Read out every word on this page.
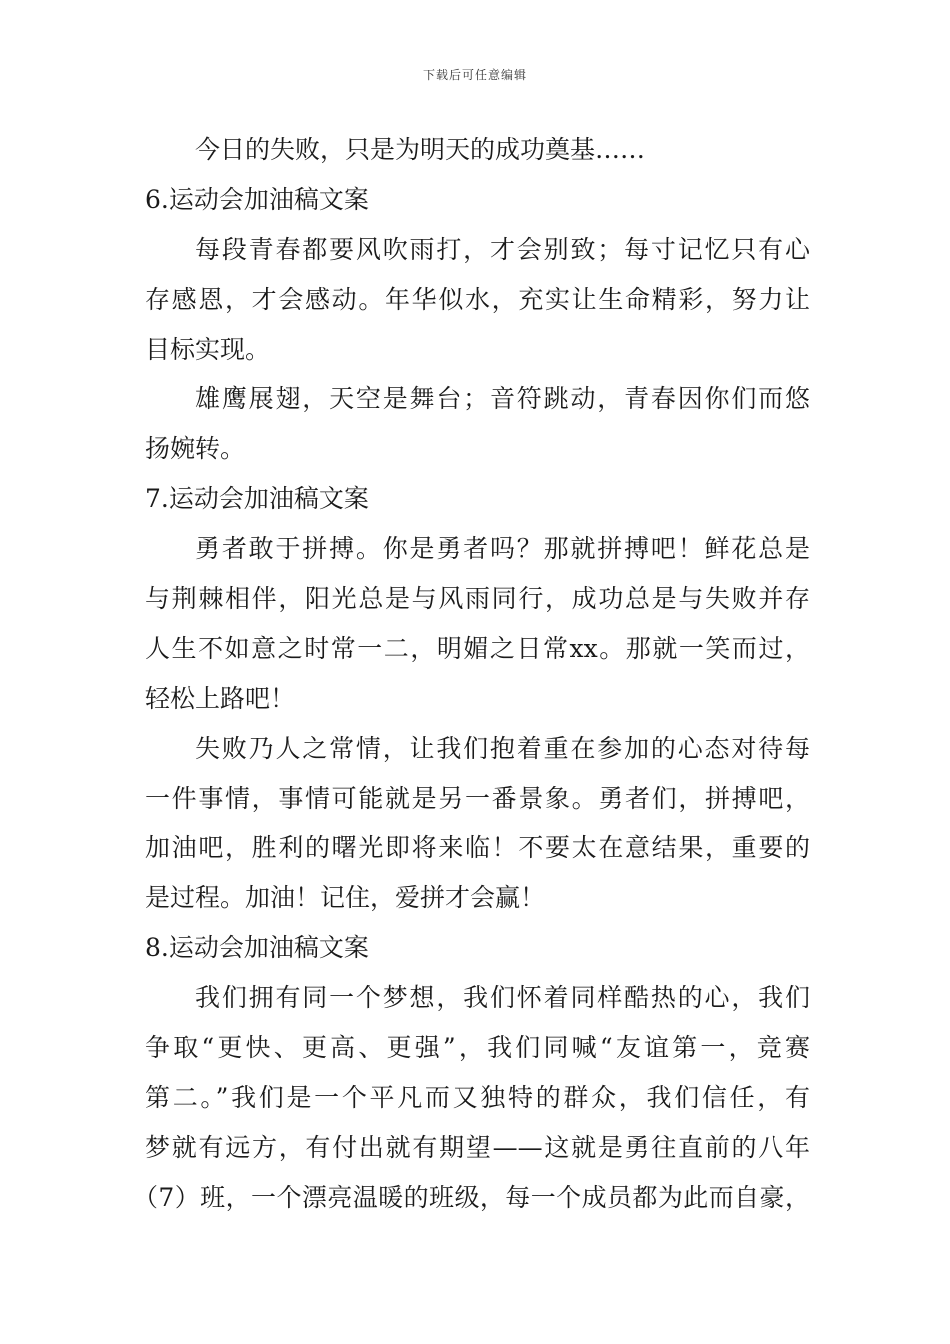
下载后可任意编辑
今日的失败，只是为明天的成功奠基……
6.运动会加油稿文案
每段青春都要风吹雨打，才会别致；每寸记忆只有心
存感恩，才会感动。年华似水，充实让生命精彩，努力让
目标实现。
雄鹰展翅，天空是舞台；音符跳动，青春因你们而悠
扬婉转。
7.运动会加油稿文案
勇者敢于拼搏。你是勇者吗？那就拼搏吧！鲜花总是
与荆棘相伴，阳光总是与风雨同行，成功总是与失败并存
人生不如意之时常一二，明媚之日常xx。那就一笑而过，
轻松上路吧！
失败乃人之常情，让我们抱着重在参加的心态对待每
一件事情，事情可能就是另一番景象。勇者们，拼搏吧，
加油吧，胜利的曙光即将来临！不要太在意结果，重要的
是过程。加油！记住，爱拼才会赢！
8.运动会加油稿文案
我们拥有同一个梦想，我们怀着同样酷热的心，我们
争取“更快、更高、更强”，我们同喊“友谊第一，竞赛
第二。”我们是一个平凡而又独特的群众，我们信任，有
梦就有远方，有付出就有期望——这就是勇往直前的八年
（7）班，一个漂亮温暖的班级，每一个成员都为此而自豪，
